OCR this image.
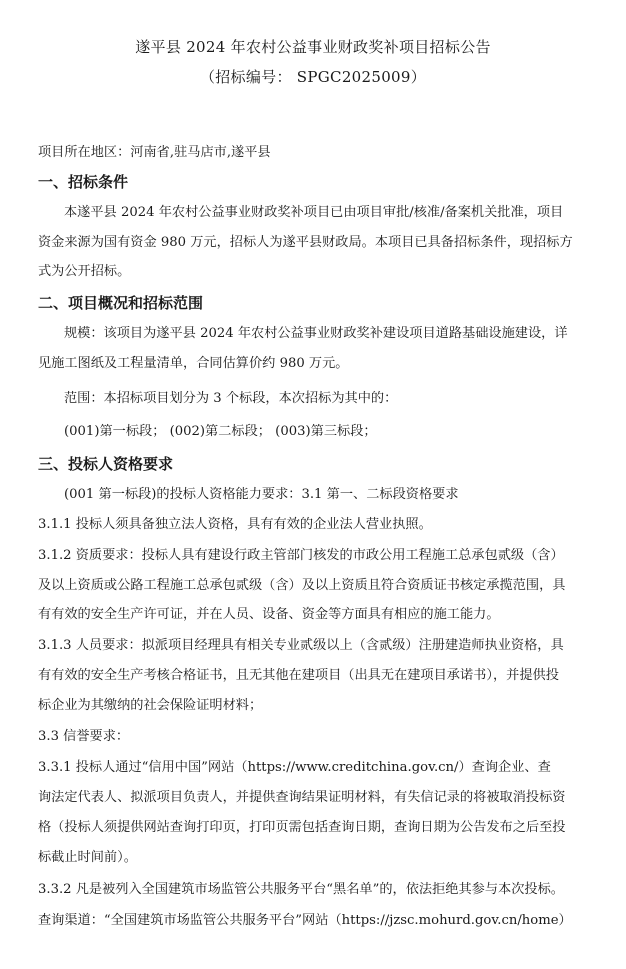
遂平县 2024 年农村公益事业财政奖补项目招标公告
（招标编号： SPGC2025009）
项目所在地区：河南省,驻马店市,遂平县
一、招标条件
本遂平县 2024 年农村公益事业财政奖补项目已由项目审批/核准/备案机关批准，项目
资金来源为国有资金 980 万元，招标人为遂平县财政局。本项目已具备招标条件，现招标方
式为公开招标。
二、项目概况和招标范围
规模：该项目为遂平县 2024 年农村公益事业财政奖补建设项目道路基础设施建设，详
见施工图纸及工程量清单，合同估算价约 980 万元。
范围：本招标项目划分为 3 个标段，本次招标为其中的：
(001)第一标段； (002)第二标段； (003)第三标段；
三、投标人资格要求
(001 第一标段)的投标人资格能力要求：3.1 第一、二标段资格要求
3.1.1 投标人须具备独立法人资格，具有有效的企业法人营业执照。
3.1.2 资质要求：投标人具有建设行政主管部门核发的市政公用工程施工总承包贰级（含）
及以上资质或公路工程施工总承包贰级（含）及以上资质且符合资质证书核定承揽范围，具
有有效的安全生产许可证，并在人员、设备、资金等方面具有相应的施工能力。
3.1.3 人员要求：拟派项目经理具有相关专业贰级以上（含贰级）注册建造师执业资格，具
有有效的安全生产考核合格证书，且无其他在建项目（出具无在建项目承诺书），并提供投
标企业为其缴纳的社会保险证明材料；
3.3 信誉要求：
3.3.1 投标人通过“信用中国”网站（https://www.creditchina.gov.cn/）查询企业、查
询法定代表人、拟派项目负责人，并提供查询结果证明材料，有失信记录的将被取消投标资
格（投标人须提供网站查询打印页，打印页需包括查询日期，查询日期为公告发布之后至投
标截止时间前）。
3.3.2 凡是被列入全国建筑市场监管公共服务平台“黑名单”的，依法拒绝其参与本次投标。
查询渠道：“全国建筑市场监管公共服务平台”网站（https://jzsc.mohurd.gov.cn/home）
